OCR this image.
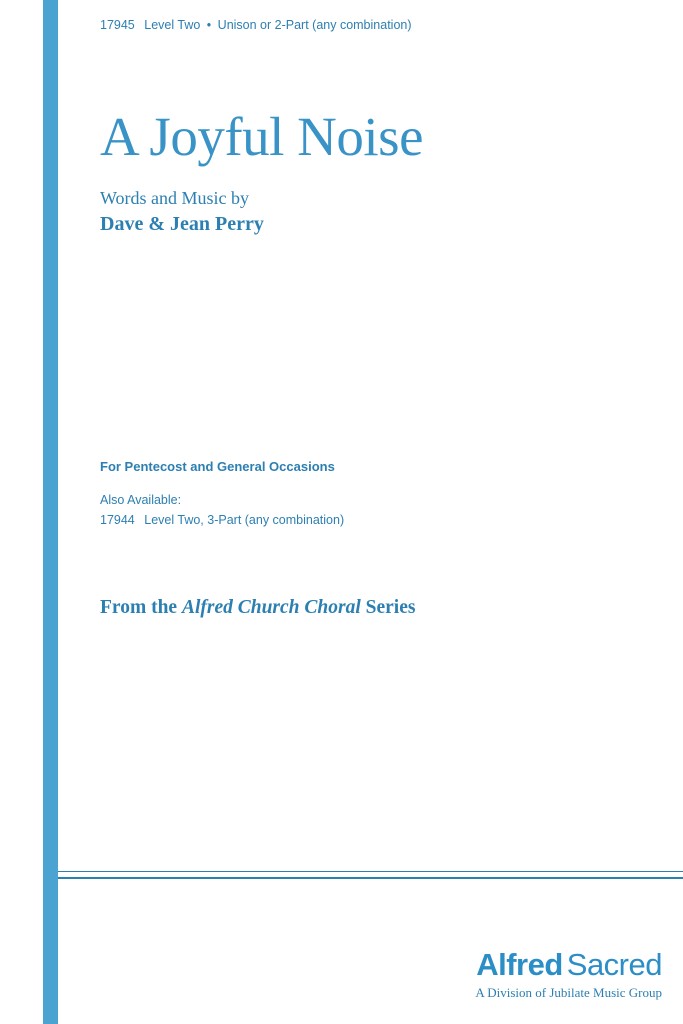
17945 Level Two • Unison or 2-Part (any combination)
A Joyful Noise
Words and Music by
Dave & Jean Perry
For Pentecost and General Occasions
Also Available:
17944 Level Two, 3-Part (any combination)
From the Alfred Church Choral Series
Alfred Sacred
A Division of Jubilate Music Group
